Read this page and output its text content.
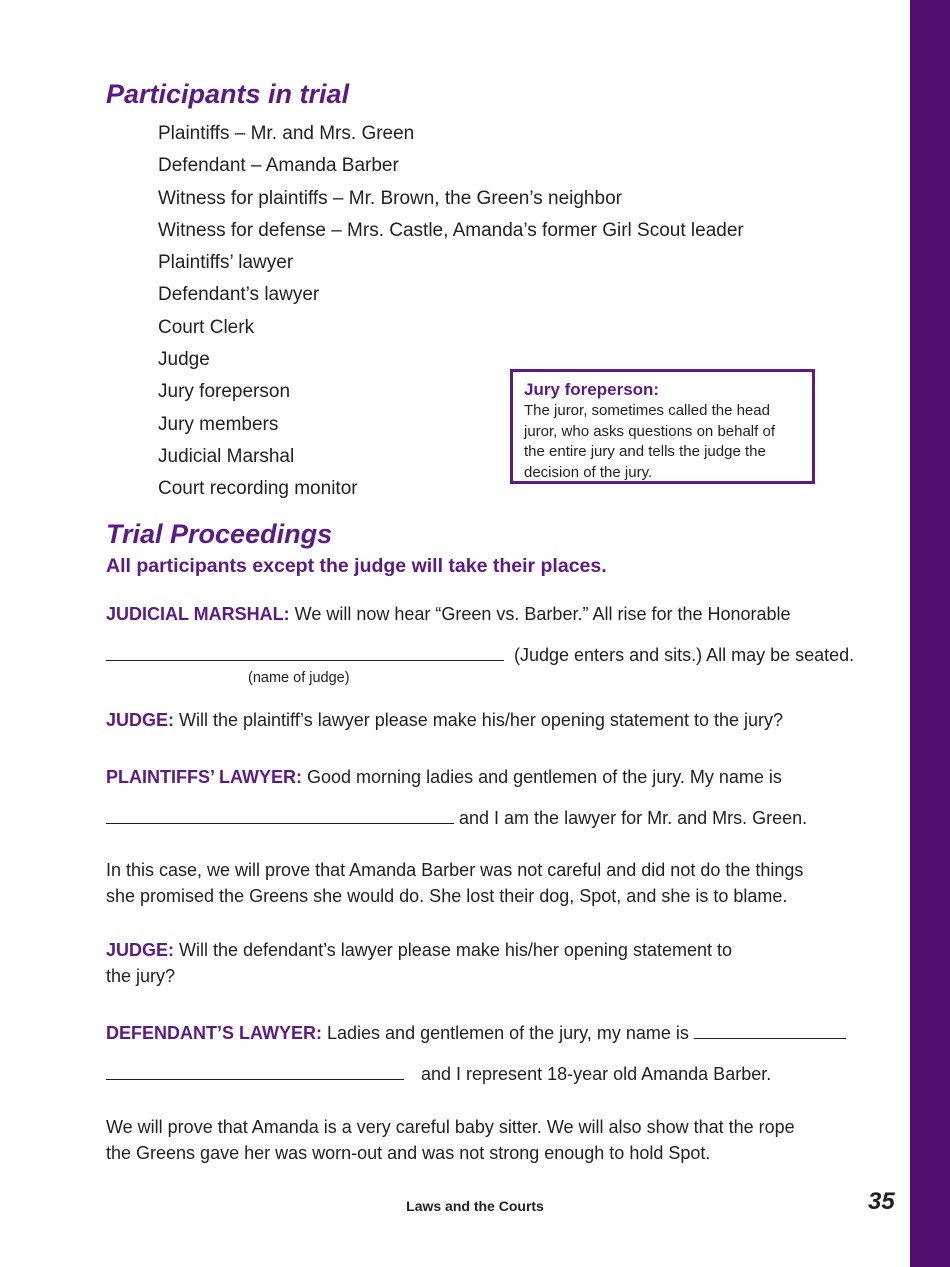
Participants in trial
Plaintiffs – Mr. and Mrs. Green
Defendant – Amanda Barber
Witness for plaintiffs – Mr. Brown, the Green’s neighbor
Witness for defense – Mrs. Castle, Amanda’s former Girl Scout leader
Plaintiffs’ lawyer
Defendant’s lawyer
Court Clerk
Judge
Jury foreperson
Jury members
Judicial Marshal
Court recording monitor
Jury foreperson:
The juror, sometimes called the head
juror, who asks questions on behalf of
the entire jury and tells the judge the
decision of the jury.
Trial Proceedings

All participants except the judge will take their places.

JUDICIAL MARSHAL: We will now hear “Green vs. Barber.” All rise for the Honorable

(Judge enters and sits.) All may be seated.

(name of judge)

JUDGE: Will the plaintiff’s lawyer please make his/her opening statement to the jury?

PLAINTIFFS’ LAWYER: Good morning ladies and gentlemen of the jury. My name is

and I am the lawyer for Mr. and Mrs. Green.

In this case, we will prove that Amanda Barber was not careful and did not do the things
she promised the Greens she would do. She lost their dog, Spot, and she is to blame.

JUDGE: Will the defendant’s lawyer please make his/her opening statement to
the jury?

DEFENDANT’S LAWYER: Ladies and gentlemen of the jury, my name is

and I represent 18-year old Amanda Barber.

We will prove that Amanda is a very careful baby sitter. We will also show that the rope
the Greens gave her was worn-out and was not strong enough to hold Spot.

Laws and the Courts	35
